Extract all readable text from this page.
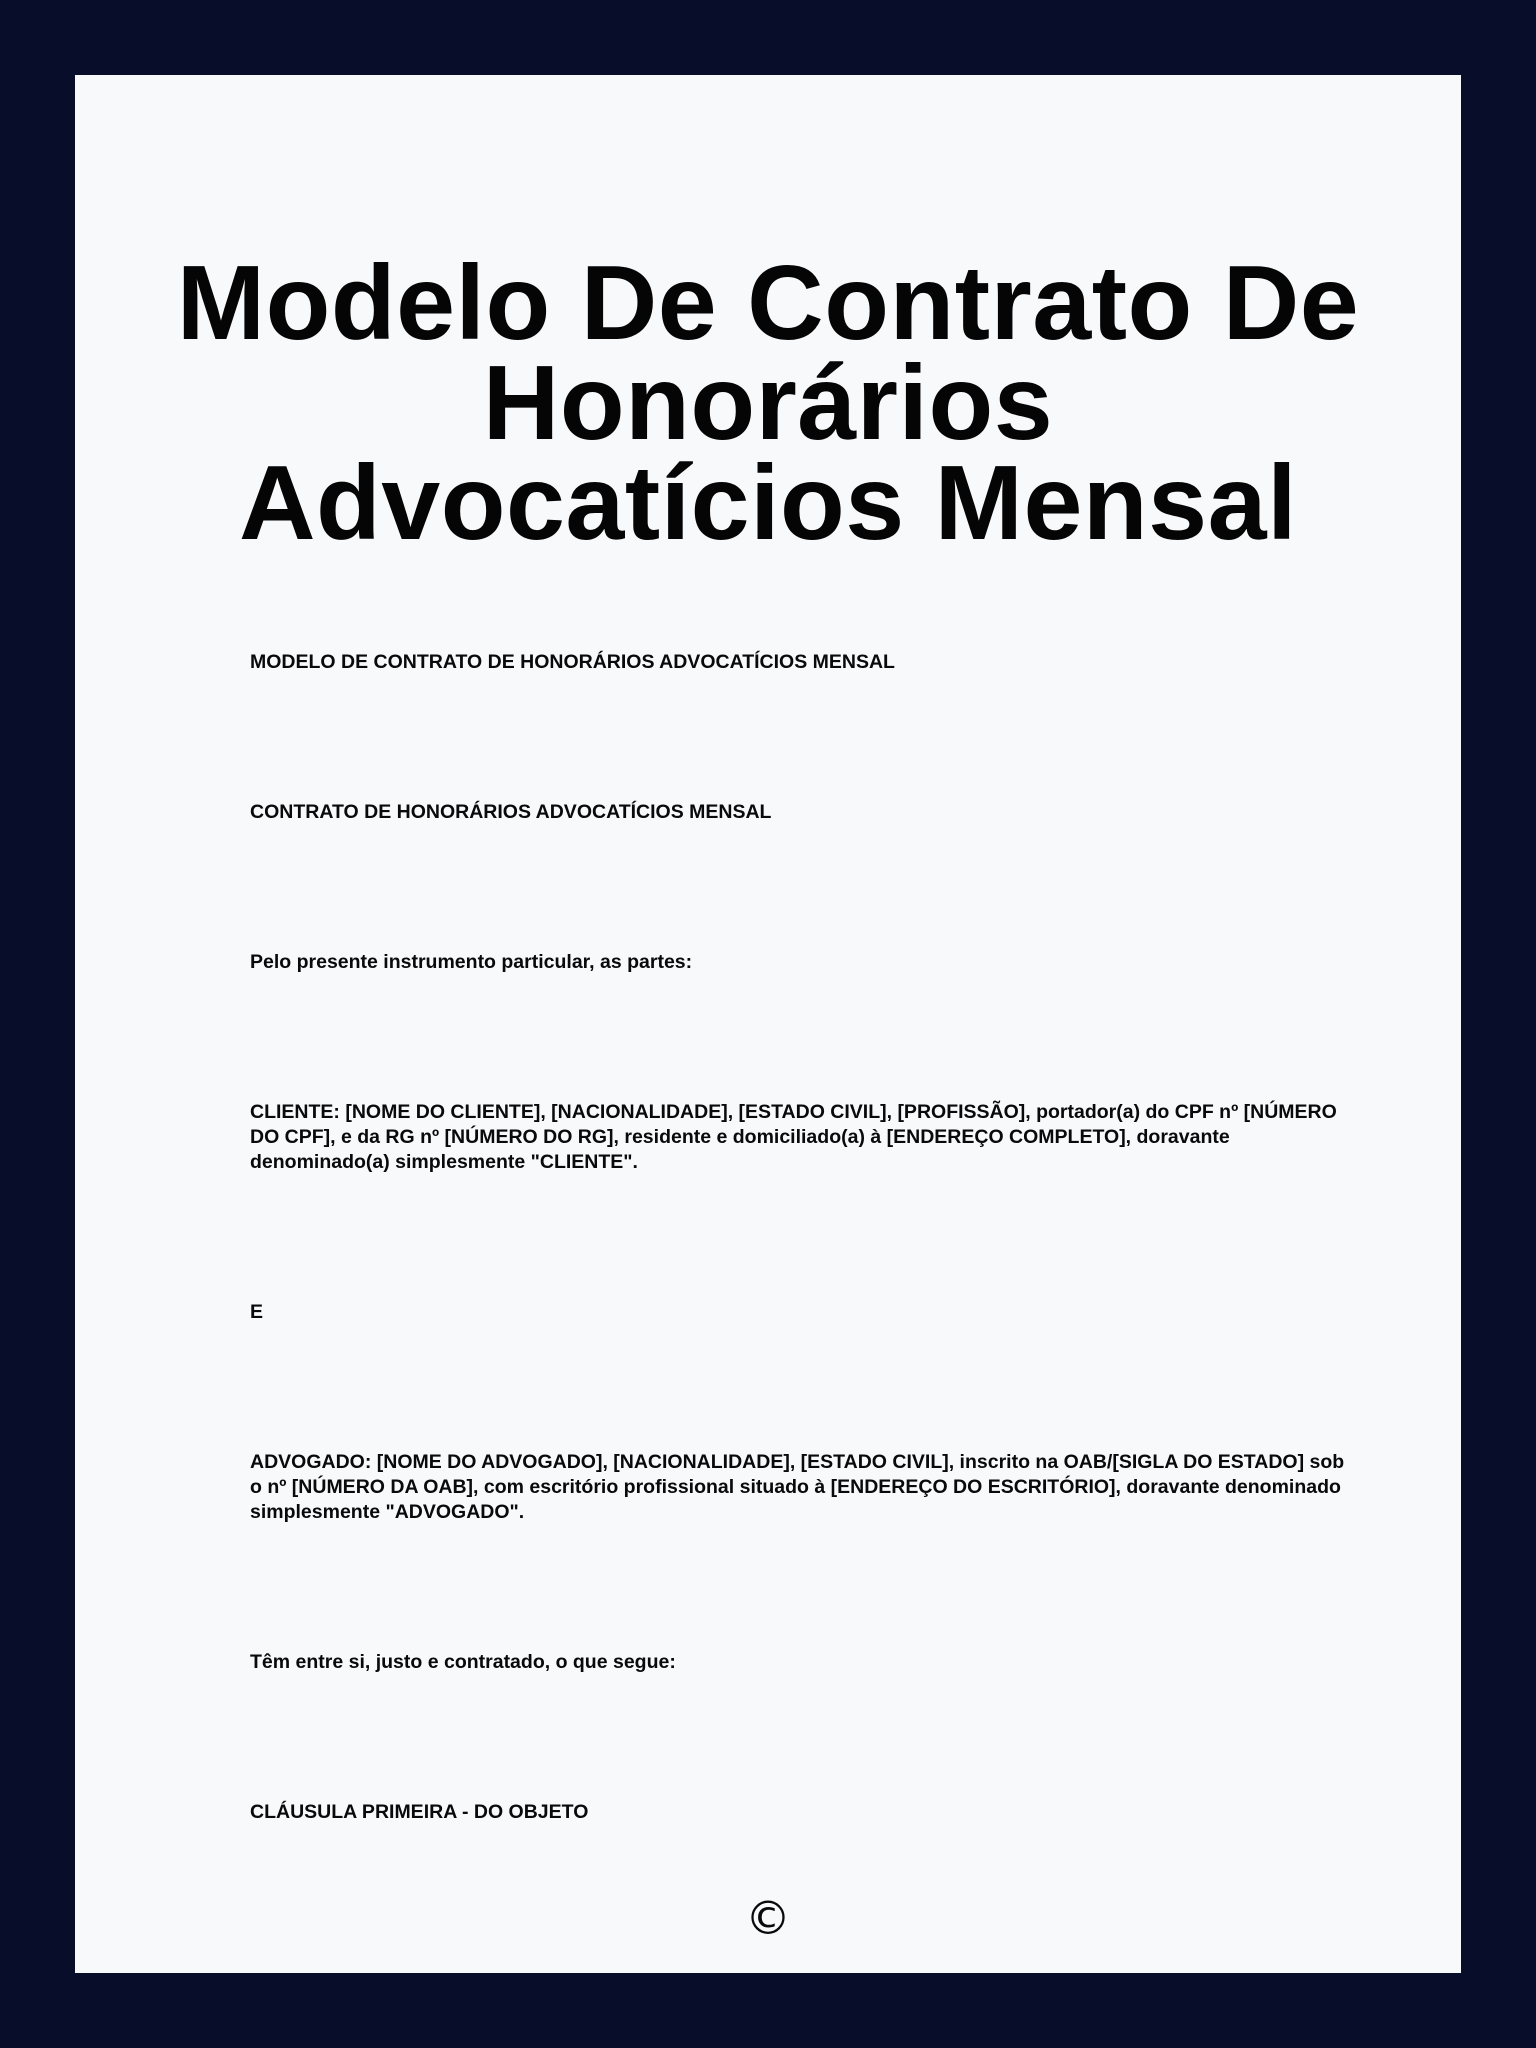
Modelo De Contrato De Honorários Advocatícios Mensal

MODELO DE CONTRATO DE HONORÁRIOS ADVOCATÍCIOS MENSAL

CONTRATO DE HONORÁRIOS ADVOCATÍCIOS MENSAL

Pelo presente instrumento particular, as partes:

CLIENTE: [NOME DO CLIENTE], [NACIONALIDADE], [ESTADO CIVIL], [PROFISSÃO], portador(a) do CPF nº [NÚMERO DO CPF], e da RG nº [NÚMERO DO RG], residente e domiciliado(a) à [ENDEREÇO COMPLETO], doravante denominado(a) simplesmente "CLIENTE".

E

ADVOGADO: [NOME DO ADVOGADO], [NACIONALIDADE], [ESTADO CIVIL], inscrito na OAB/[SIGLA DO ESTADO] sob o nº [NÚMERO DA OAB], com escritório profissional situado à [ENDEREÇO DO ESCRITÓRIO], doravante denominado simplesmente "ADVOGADO".

Têm entre si, justo e contratado, o que segue:

CLÁUSULA PRIMEIRA - DO OBJETO

©
